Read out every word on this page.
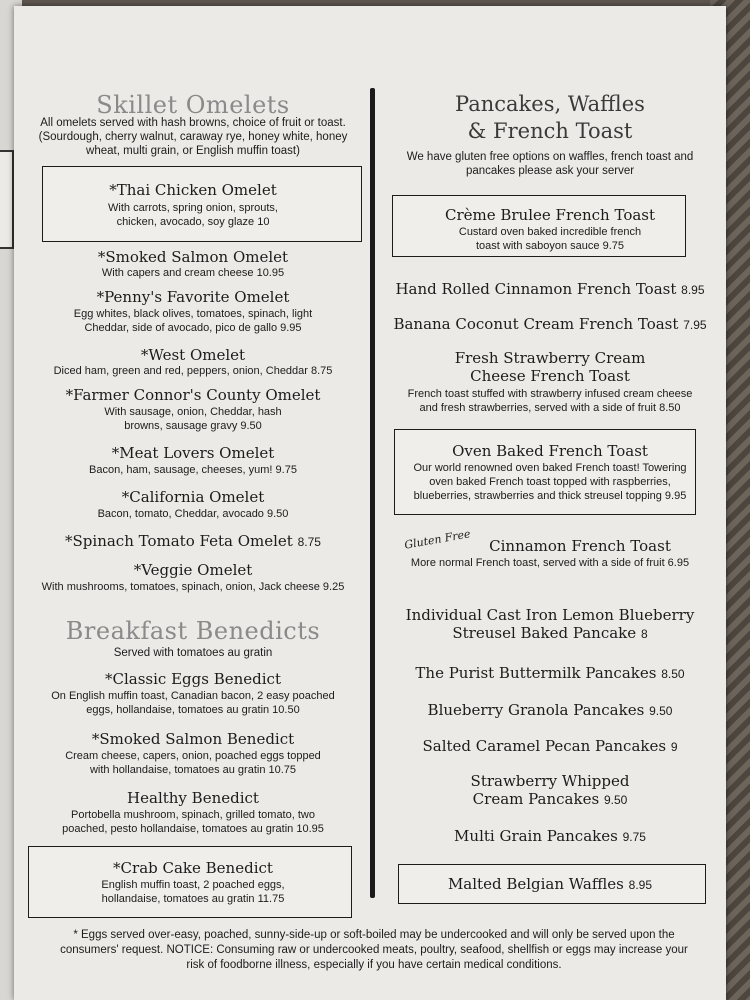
Skillet Omelets
All omelets served with hash browns, choice of fruit or toast. (Sourdough, cherry walnut, caraway rye, honey white, honey wheat, multi grain, or English muffin toast)
*Thai Chicken Omelet
With carrots, spring onion, sprouts, chicken, avocado, soy glaze 10
*Smoked Salmon Omelet
With capers and cream cheese 10.95
*Penny's Favorite Omelet
Egg whites, black olives, tomatoes, spinach, light Cheddar, side of avocado, pico de gallo 9.95
*West Omelet
Diced ham, green and red, peppers, onion, Cheddar 8.75
*Farmer Connor's County Omelet
With sausage, onion, Cheddar, hash browns, sausage gravy 9.50
*Meat Lovers Omelet
Bacon, ham, sausage, cheeses, yum! 9.75
*California Omelet
Bacon, tomato, Cheddar, avocado 9.50
*Spinach Tomato Feta Omelet 8.75
*Veggie Omelet
With mushrooms, tomatoes, spinach, onion, Jack cheese 9.25
Breakfast Benedicts
Served with tomatoes au gratin
*Classic Eggs Benedict
On English muffin toast, Canadian bacon, 2 easy poached eggs, hollandaise, tomatoes au gratin 10.50
*Smoked Salmon Benedict
Cream cheese, capers, onion, poached eggs topped with hollandaise, tomatoes au gratin 10.75
Healthy Benedict
Portobella mushroom, spinach, grilled tomato, two poached, pesto hollandaise, tomatoes au gratin 10.95
*Crab Cake Benedict
English muffin toast, 2 poached eggs, hollandaise, tomatoes au gratin 11.75
Pancakes, Waffles
& French Toast
We have gluten free options on waffles, french toast and pancakes please ask your server
Crème Brulee French Toast
Custard oven baked incredible french toast with saboyon sauce 9.75
Hand Rolled Cinnamon French Toast 8.95
Banana Coconut Cream French Toast 7.95
Fresh Strawberry Cream Cheese French Toast
French toast stuffed with strawberry infused cream cheese and fresh strawberries, served with a side of fruit 8.50
Oven Baked French Toast
Our world renowned oven baked French toast! Towering oven baked French toast topped with raspberries, blueberries, strawberries and thick streusel topping 9.95
Gluten Free	Cinnamon French Toast
More normal French toast, served with a side of fruit 6.95
Individual Cast Iron Lemon Blueberry Streusel Baked Pancake 8
The Purist Buttermilk Pancakes 8.50
Blueberry Granola Pancakes 9.50
Salted Caramel Pecan Pancakes 9
Strawberry Whipped Cream Pancakes 9.50
Multi Grain Pancakes 9.75
Malted Belgian Waffles 8.95
* Eggs served over-easy, poached, sunny-side-up or soft-boiled may be undercooked and will only be served upon the consumers' request. NOTICE: Consuming raw or undercooked meats, poultry, seafood, shellfish or eggs may increase your risk of foodborne illness, especially if you have certain medical conditions.
